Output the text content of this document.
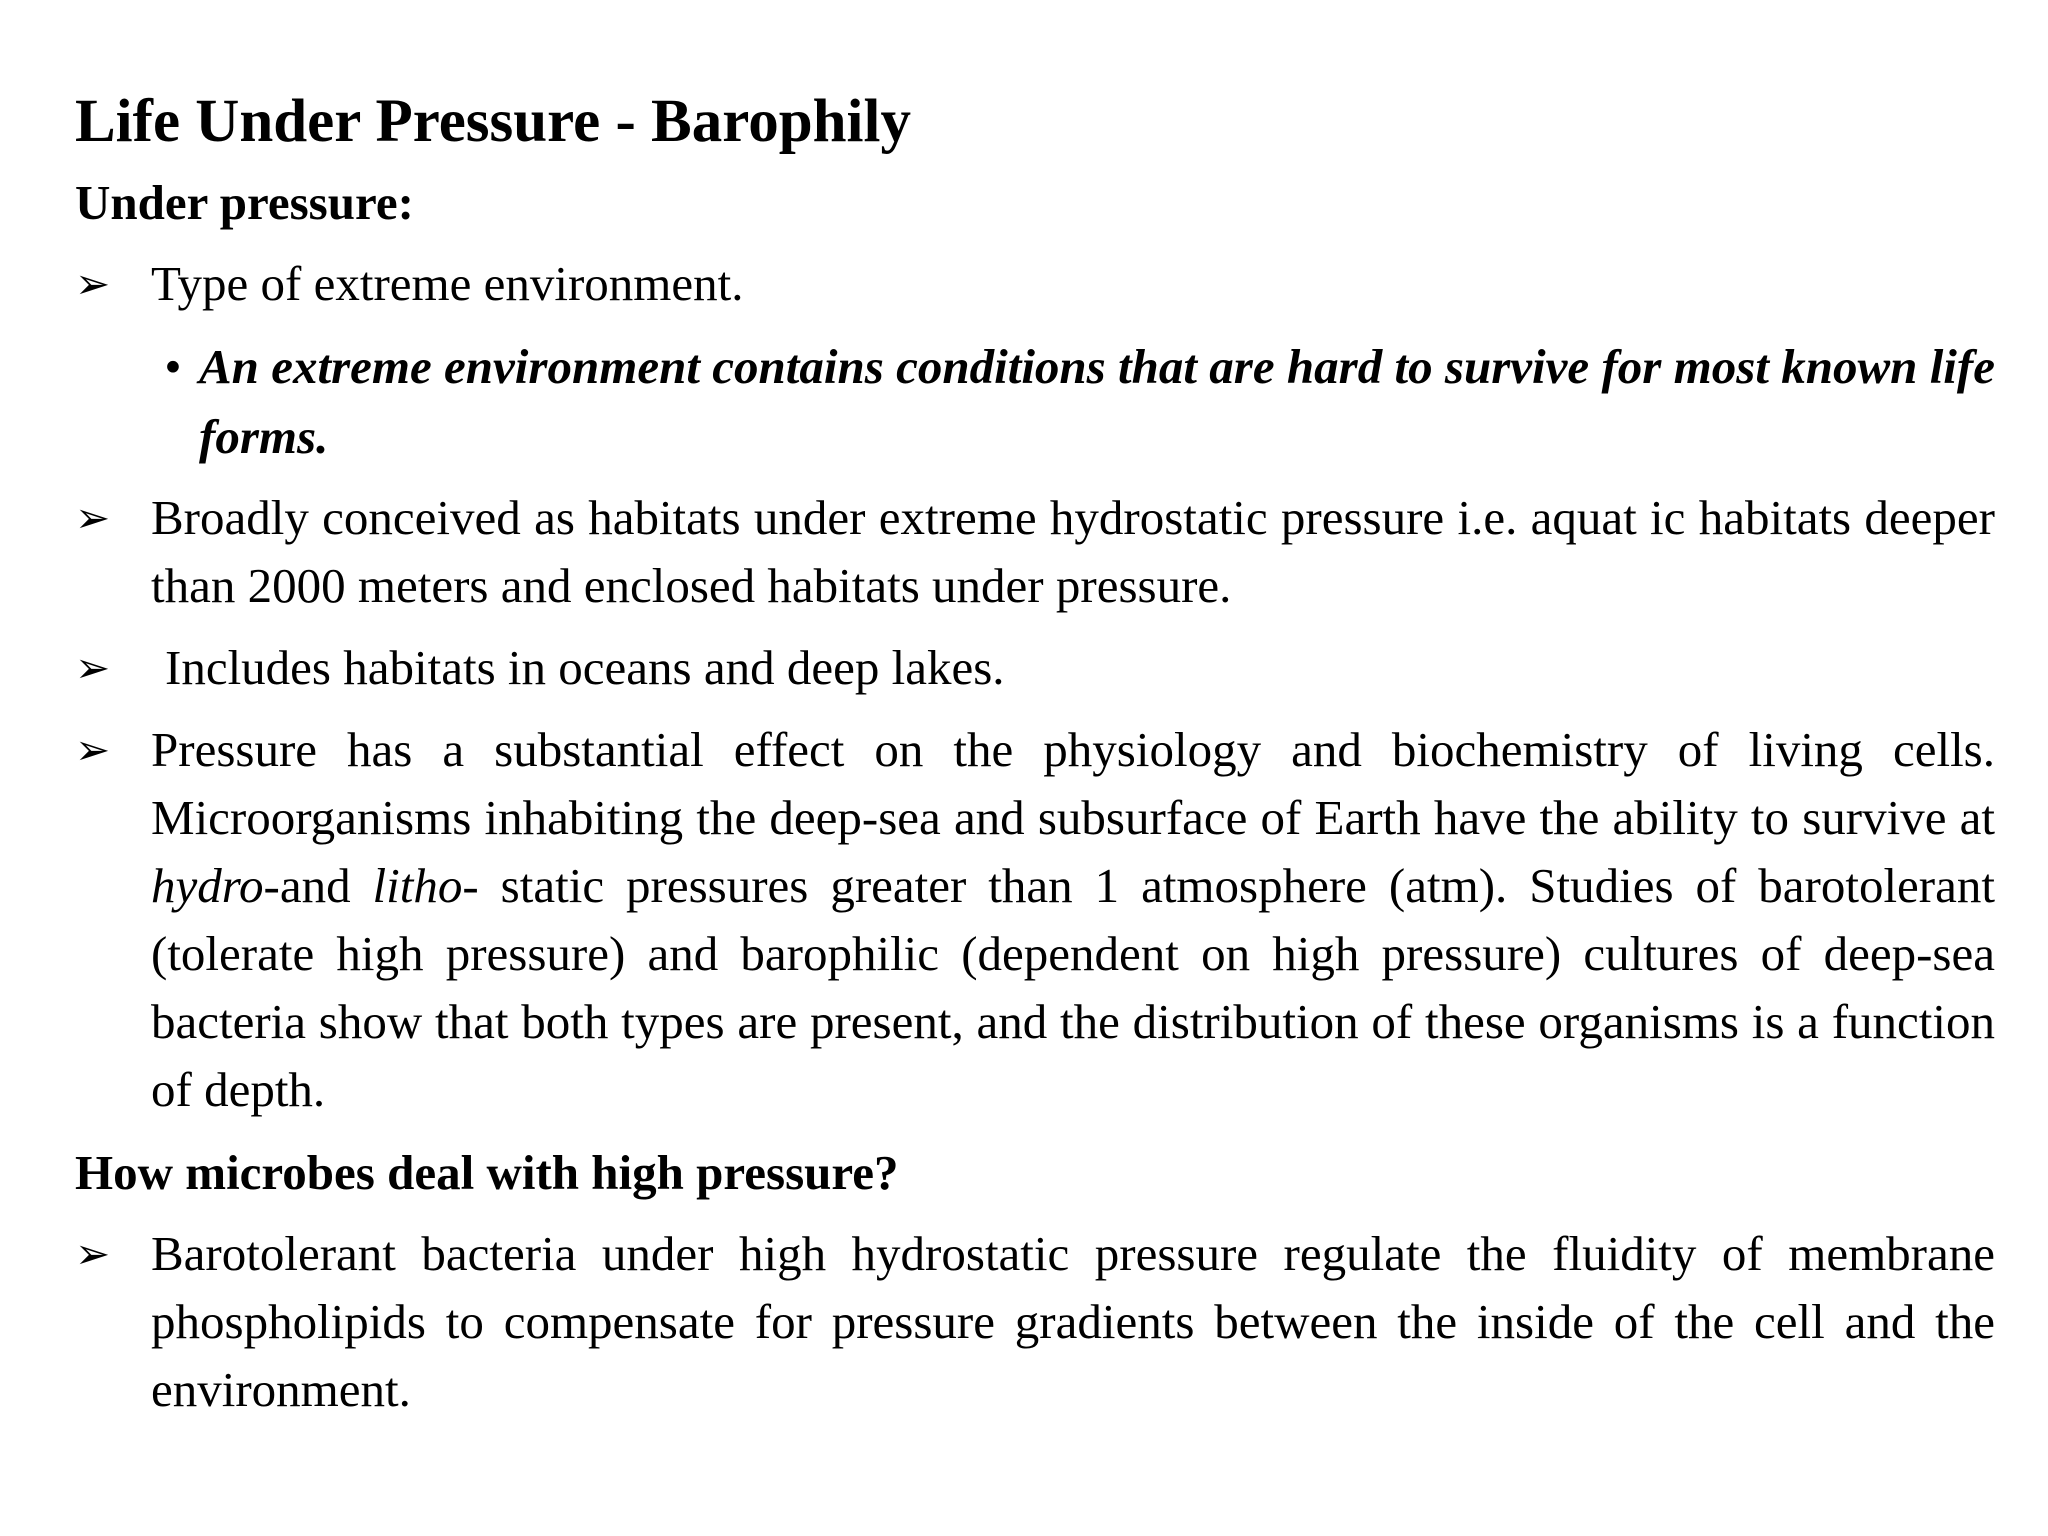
Life Under Pressure - Barophily
Under pressure:
➢ Type of extreme environment.
• An extreme environment contains conditions that are hard to survive for most known life forms.
➢ Broadly conceived as habitats under extreme hydrostatic pressure i.e. aquat ic habitats deeper than 2000 meters and enclosed habitats under pressure.
➢	Includes habitats in oceans and deep lakes.
➢ Pressure has a substantial effect on the physiology and biochemistry of living cells. Microorganisms inhabiting the deep-sea and subsurface of Earth have the ability to survive at hydro-and litho- static pressures greater than 1 atmosphere (atm). Studies of barotolerant (tolerate high pressure) and barophilic (dependent on high pressure) cultures of deep-sea bacteria show that both types are present, and the distribution of these organisms is a function of depth.
How microbes deal with high pressure?
➢ Barotolerant bacteria under high hydrostatic pressure regulate the fluidity of membrane phospholipids to compensate for pressure gradients between the inside of the cell and the environment.
